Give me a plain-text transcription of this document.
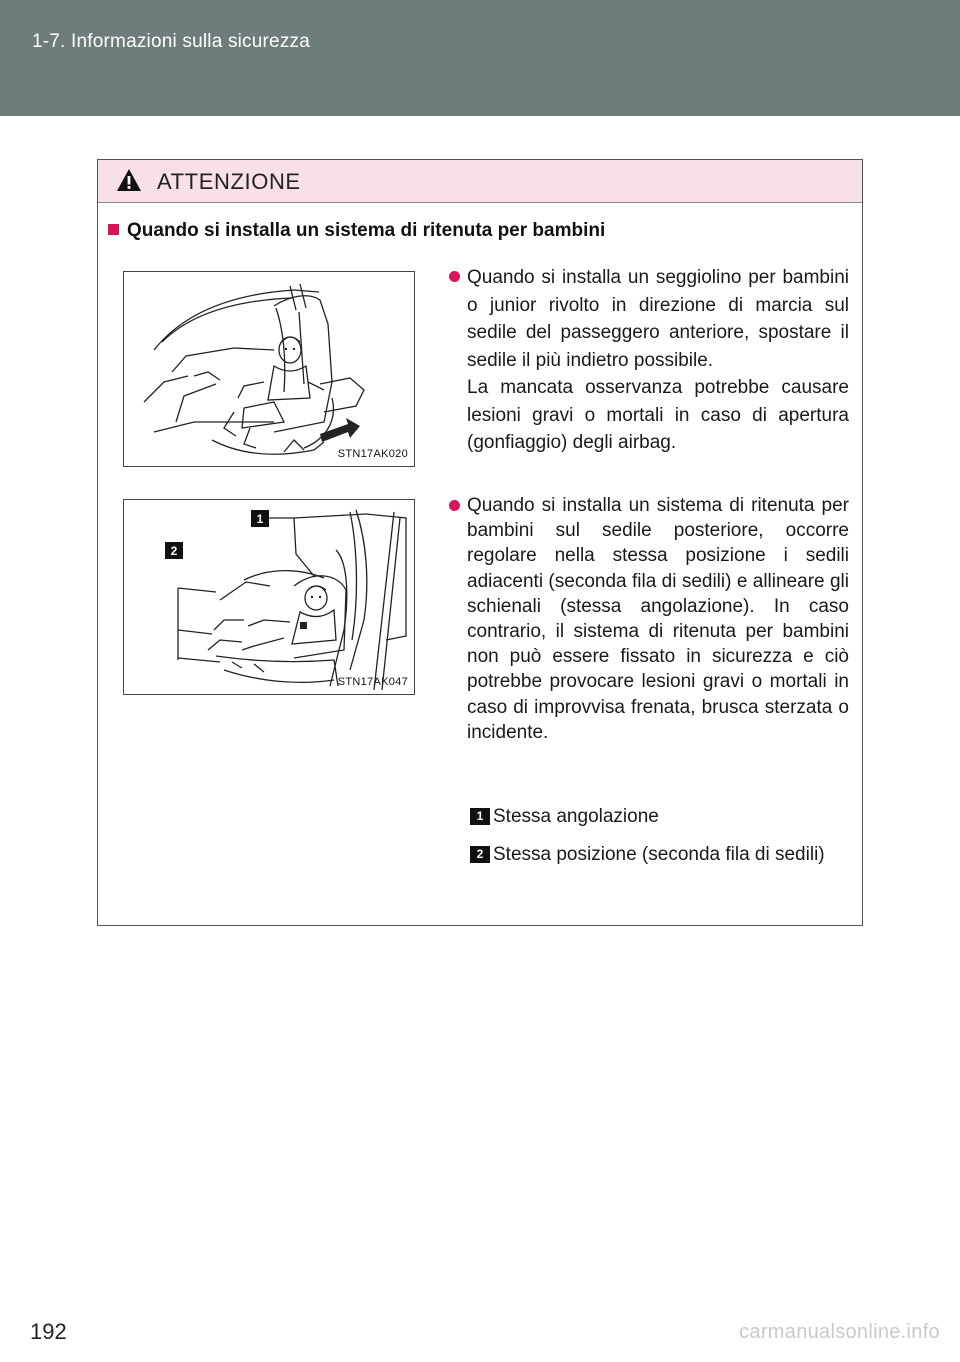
1-7. Informazioni sulla sicurezza
ATTENZIONE
Quando si installa un sistema di ritenuta per bambini
STN17AK020
1
2
STN17AK047
Quando si installa un seggiolino per bambini o junior rivolto in direzione di marcia sul sedile del passeggero anteriore, spostare il sedile il più indietro possibile.
La mancata osservanza potrebbe causare lesioni gravi o mortali in caso di apertura (gonfiaggio) degli airbag.
Quando si installa un sistema di ritenuta per bambini sul sedile posteriore, occorre regolare nella stessa posizione i sedili adiacenti (seconda fila di sedili) e allineare gli schienali (stessa angolazione). In caso contrario, il sistema di ritenuta per bambini non può essere fissato in sicurezza e ciò potrebbe provocare lesioni gravi o mortali in caso di improvvisa frenata, brusca sterzata o incidente.
1 Stessa angolazione
2 Stessa posizione (seconda fila di sedili)
192	carmanualsonline.info
